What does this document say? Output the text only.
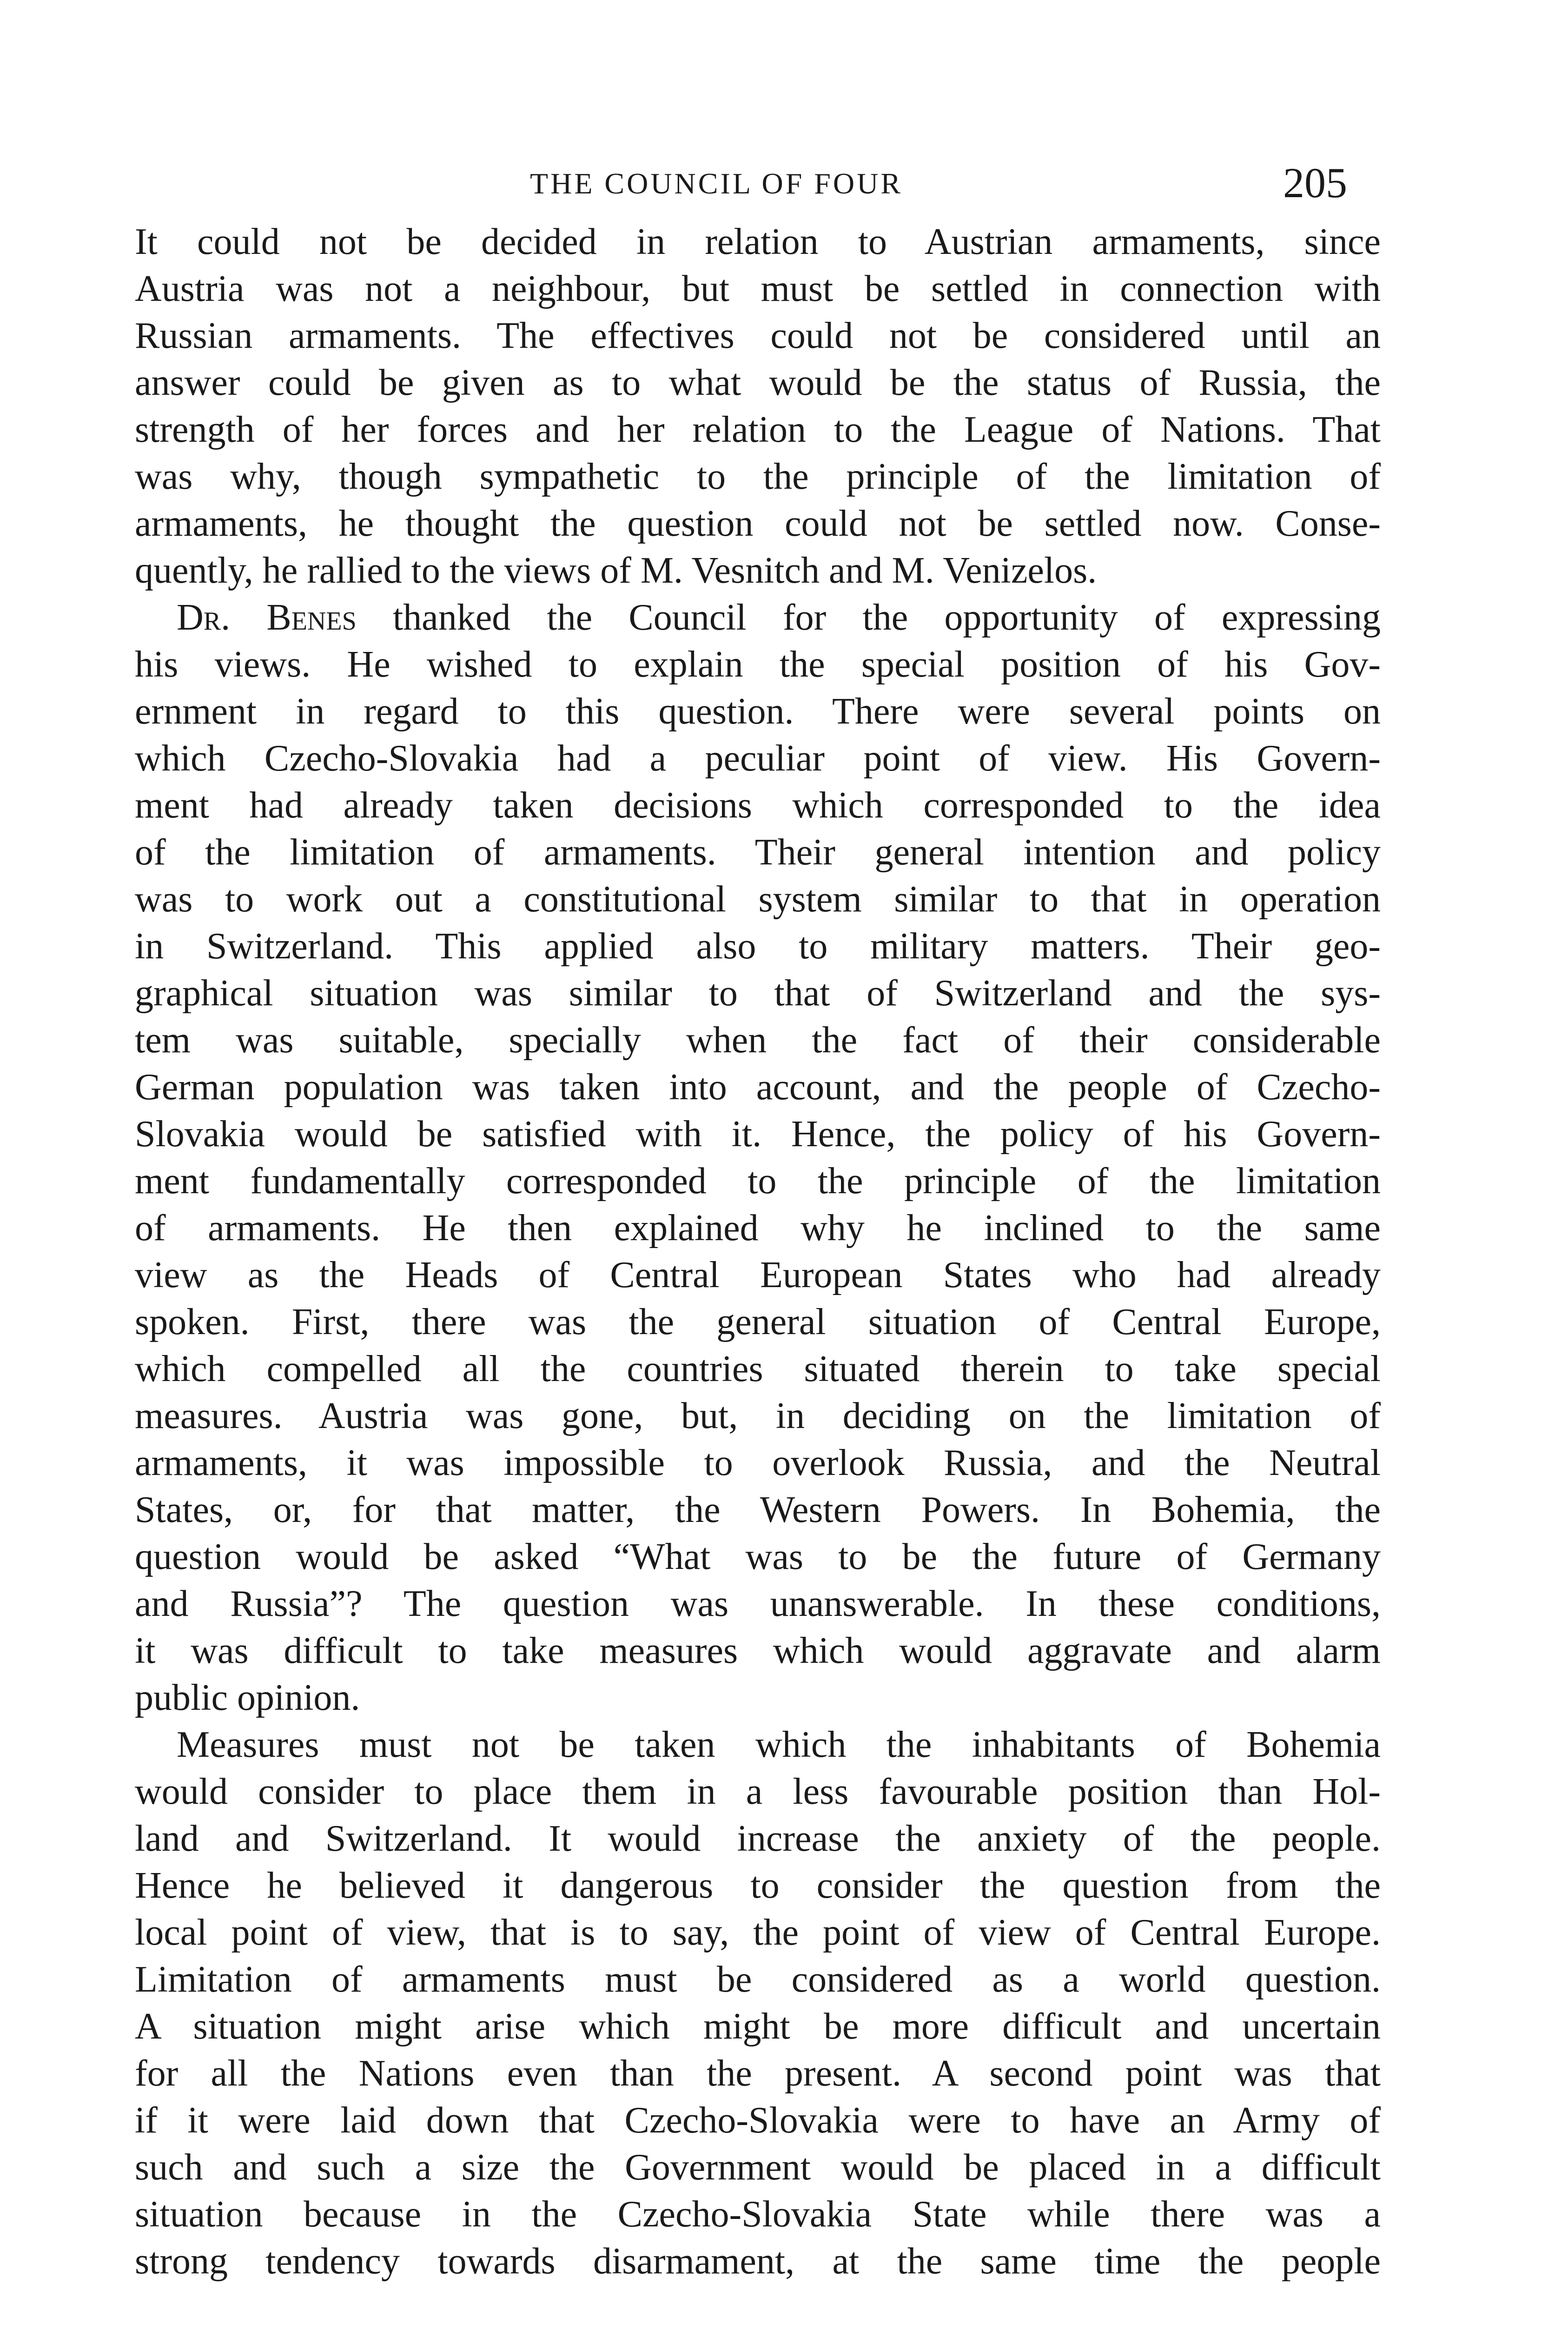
THE COUNCIL OF FOUR	205
It could not be decided in relation to Austrian armaments, since
Austria was not a neighbour, but must be settled in connection with
Russian armaments. The effectives could not be considered until an
answer could be given as to what would be the status of Russia, the
strength of her forces and her relation to the League of Nations. That
was why, though sympathetic to the principle of the limitation of
armaments, he thought the question could not be settled now. Conse-
quently, he rallied to the views of M. Vesnitch and M. Venizelos.
Dr. Benes thanked the Council for the opportunity of expressing
his views. He wished to explain the special position of his Gov-
ernment in regard to this question. There were several points on
which Czecho-Slovakia had a peculiar point of view. His Govern-
ment had already taken decisions which corresponded to the idea
of the limitation of armaments. Their general intention and policy
was to work out a constitutional system similar to that in operation
in Switzerland. This applied also to military matters. Their geo-
graphical situation was similar to that of Switzerland and the sys-
tem was suitable, specially when the fact of their considerable
German population was taken into account, and the people of Czecho-
Slovakia would be satisfied with it. Hence, the policy of his Govern-
ment fundamentally corresponded to the principle of the limitation
of armaments. He then explained why he inclined to the same
view as the Heads of Central European States who had already
spoken. First, there was the general situation of Central Europe,
which compelled all the countries situated therein to take special
measures. Austria was gone, but, in deciding on the limitation of
armaments, it was impossible to overlook Russia, and the Neutral
States, or, for that matter, the Western Powers. In Bohemia, the
question would be asked “What was to be the future of Germany
and Russia”? The question was unanswerable. In these conditions,
it was difficult to take measures which would aggravate and alarm
public opinion.
Measures must not be taken which the inhabitants of Bohemia
would consider to place them in a less favourable position than Hol-
land and Switzerland. It would increase the anxiety of the people.
Hence he believed it dangerous to consider the question from the
local point of view, that is to say, the point of view of Central Europe.
Limitation of armaments must be considered as a world question.
A situation might arise which might be more difficult and uncertain
for all the Nations even than the present. A second point was that
if it were laid down that Czecho-Slovakia were to have an Army of
such and such a size the Government would be placed in a difficult
situation because in the Czecho-Slovakia State while there was a
strong tendency towards disarmament, at the same time the people
